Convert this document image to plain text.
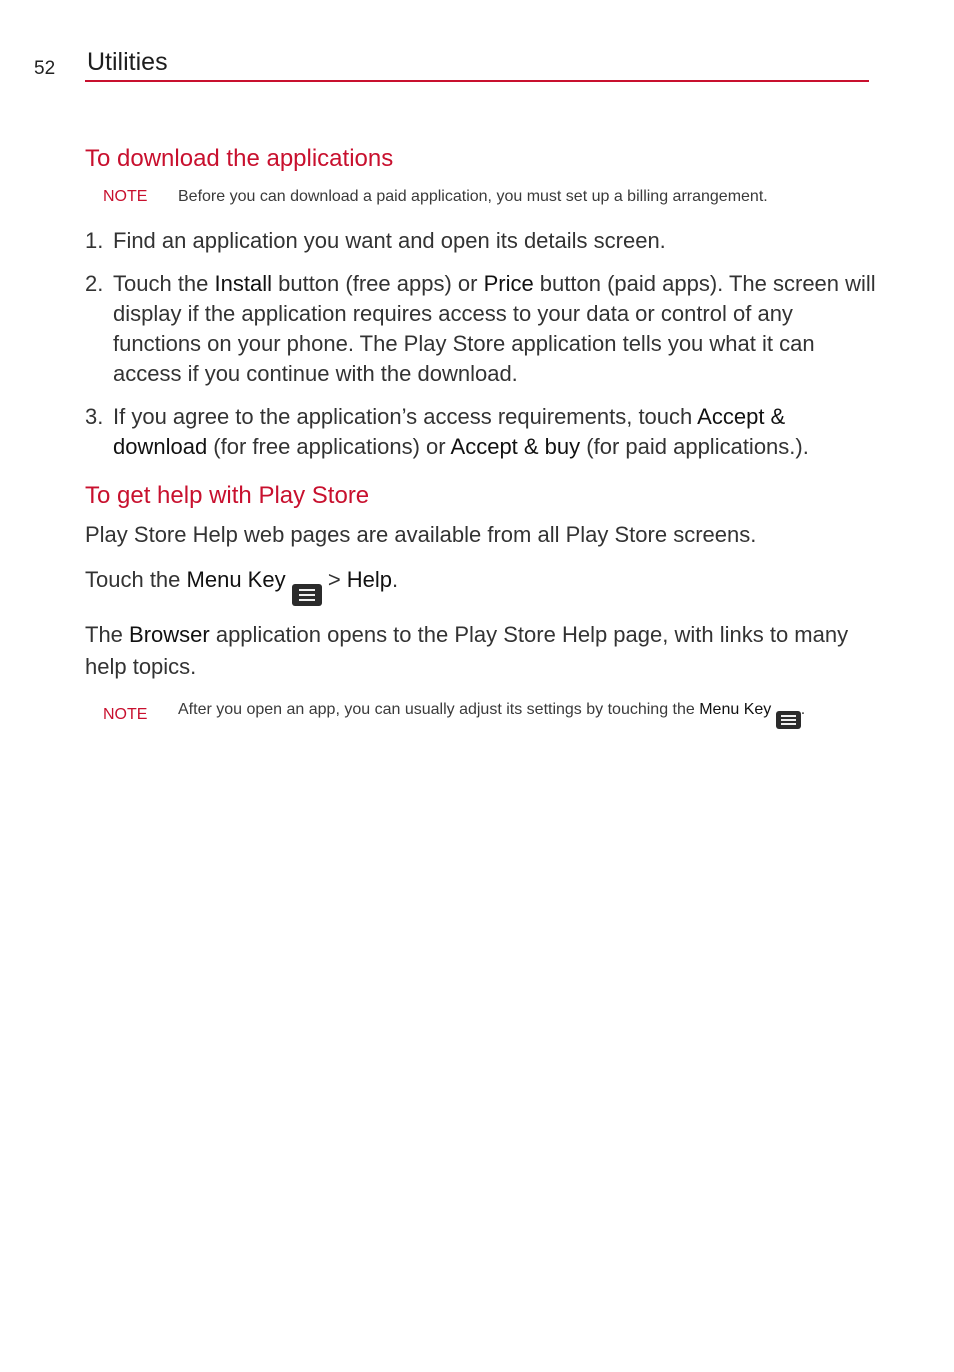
52 Utilities
To download the applications
NOTE	Before you can download a paid application, you must set up a billing arrangement.
1. Find an application you want and open its details screen.
2. Touch the Install button (free apps) or Price button (paid apps). The screen will display if the application requires access to your data or control of any functions on your phone. The Play Store application tells you what it can access if you continue with the download.
3. If you agree to the application’s access requirements, touch Accept & download (for free applications) or Accept & buy (for paid applications.).
To get help with Play Store

Play Store Help web pages are available from all Play Store screens.

Touch the Menu Key
> Help.

The Browser application opens to the Play Store Help page, with links to many help topics.

NOTE	After you open an app, you can usually adjust its settings by touching the Menu Key .
